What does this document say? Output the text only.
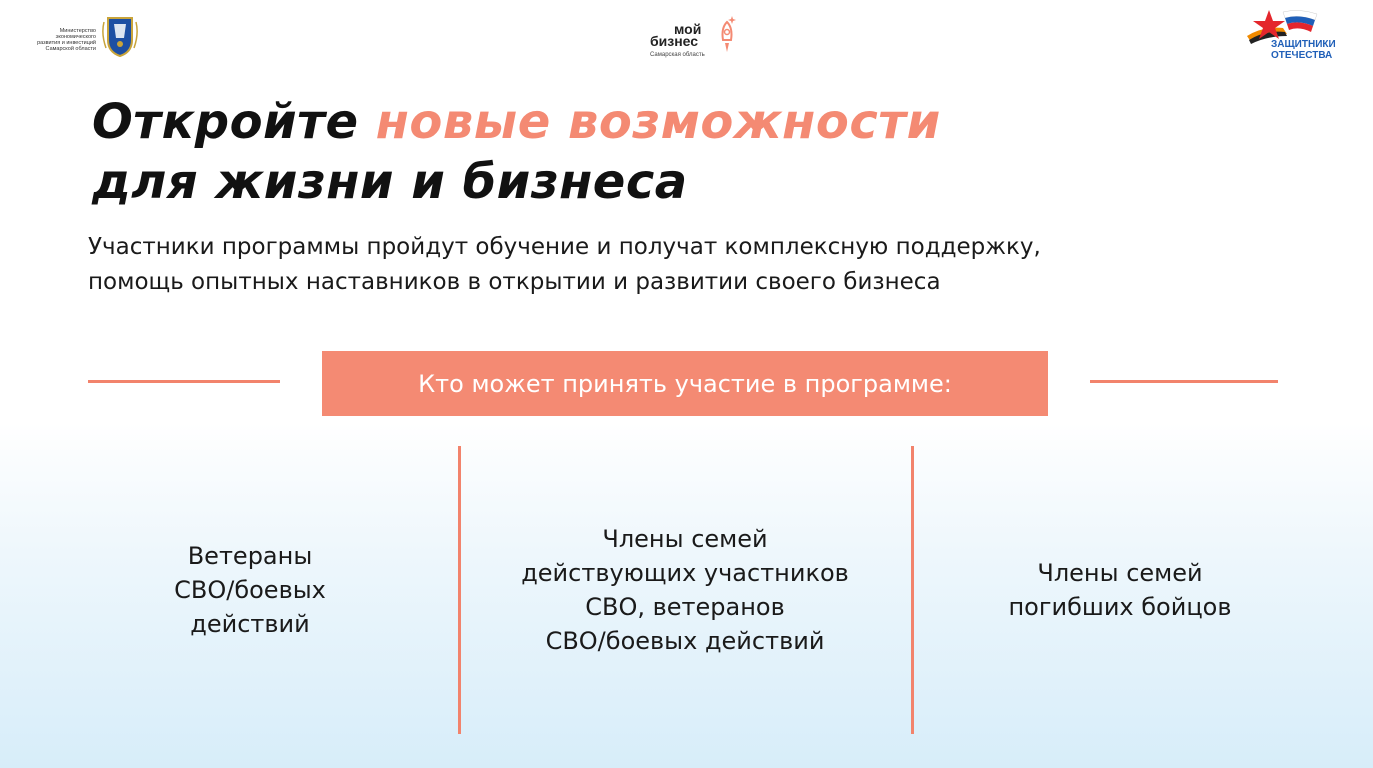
Министерство
экономического
развития и инвестиций
Самарской области
мой
бизнес
Самарская область
ЗАЩИТНИКИ
ОТЕЧЕСТВА
Откройте новые возможности
для жизни и бизнеса

Участники программы пройдут обучение и получат комплексную поддержку, помощь опытных наставников в открытии и развитии своего бизнеса

Кто может принять участие в программе:
Ветераны
СВО/боевых
действий
Члены семей
действующих участников
СВО, ветеранов
СВО/боевых действий
Члены семей
погибших бойцов
